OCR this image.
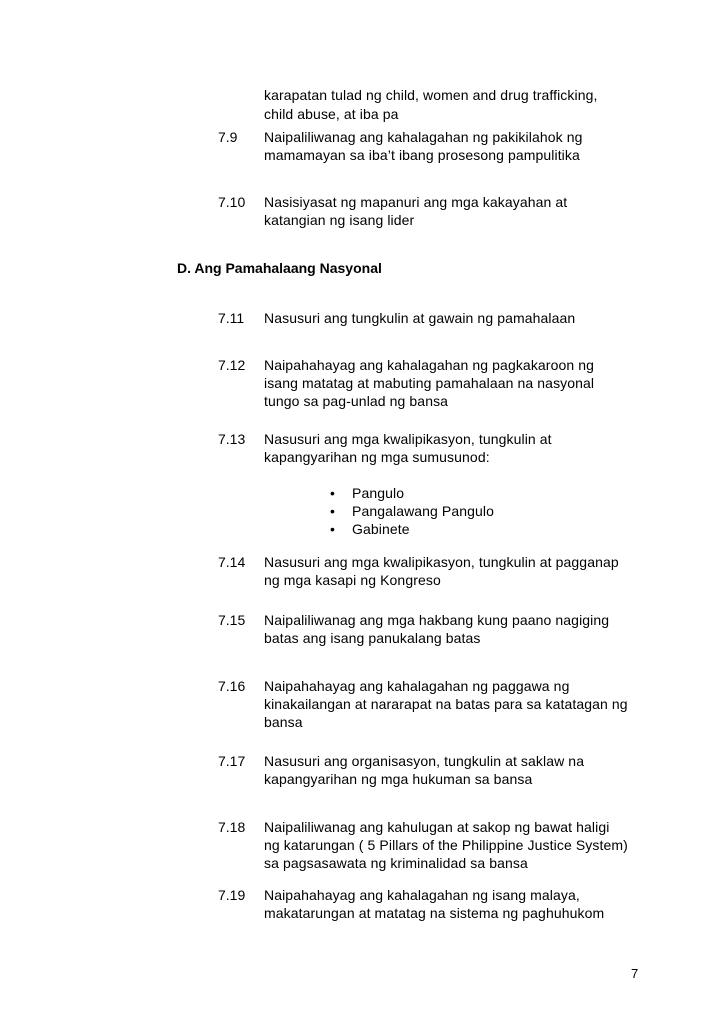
karapatan tulad ng child, women and drug trafficking,
child abuse, at iba pa
7.9 Naipaliliwanag ang kahalagahan ng pakikilahok ng
mamamayan sa iba’t ibang prosesong pampulitika
7.10 Nasisiyasat ng mapanuri ang mga kakayahan at
katangian ng isang lider
D. Ang Pamahalaang Nasyonal
7.11 Nasusuri ang tungkulin at gawain ng pamahalaan
7.12 Naipahahayag ang kahalagahan ng pagkakaroon ng
isang matatag at mabuting pamahalaan na nasyonal
tungo sa pag-unlad ng bansa
7.13 Nasusuri ang mga kwalipikasyon, tungkulin at
kapangyarihan ng mga sumusunod:
• Pangulo
• Pangalawang Pangulo
• Gabinete
7.14 Nasusuri ang mga kwalipikasyon, tungkulin at pagganap
ng mga kasapi ng Kongreso
7.15 Naipaliliwanag ang mga hakbang kung paano nagiging
batas ang isang panukalang batas
7.16 Naipahahayag ang kahalagahan ng paggawa ng
kinakailangan at nararapat na batas para sa katatagan ng
bansa
7.17 Nasusuri ang organisasyon, tungkulin at saklaw na
kapangyarihan ng mga hukuman sa bansa
7.18 Naipaliliwanag ang kahulugan at sakop ng bawat haligi
ng katarungan ( 5 Pillars of the Philippine Justice System)
sa pagsasawata ng kriminalidad sa bansa
7.19 Naipahahayag ang kahalagahan ng isang malaya,
makatarungan at matatag na sistema ng paghuhukom
7
